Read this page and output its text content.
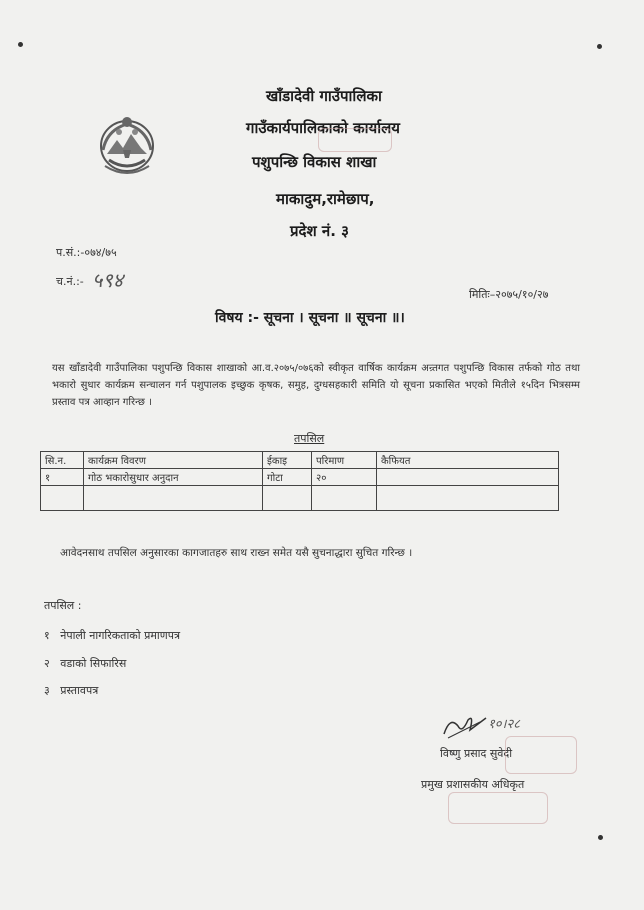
खाँडादेवी गाउँपालिका
गाउँकार्यपालिकाको कार्यालय
पशुपन्छि विकास शाखा
माकादुम,रामेछाप,
प्रदेश नं. ३
प.सं.:-०७४/७५
च.नं.:- ५९४
मितिः–२०७५/१०/२७
विषय :- सूचना । सूचना ॥ सूचना ॥।
यस खाँडादेवी गाउँपालिका पशुपन्छि विकास शाखाको आ.व.२०७५/०७६को स्वीकृत वार्षिक कार्यक्रम अन्र्तगत पशुपन्छि विकास तर्फको गोठ तथा भकारो सुधार कार्यक्रम सन्चालन गर्न पशुपालक इच्छुक कृषक, समुह, दुग्धसहकारी समिति यो सूचना प्रकासित भएको मितीले १५दिन भित्रसम्म प्रस्ताव पत्र आव्हान गरिन्छ ।
तपसिल
सि.न.	कार्यक्रम विवरण	ईकाइ	परिमाण	कैफियत
१	गोठ भकारोसुधार अनुदान	गोटा	२०	

आवेदनसाथ तपसिल अनुसारका कागजातहरु साथ राख्न समेत यसै सुचनाद्धारा सुचित गरिन्छ ।
तपसिल :
१ नेपाली नागरिकताको प्रमाणपत्र
२ वडाको सिफारिस
३ प्रस्तावपत्र
१०।२८
विष्णु प्रसाद सुवेदी
प्रमुख प्रशासकीय अधिकृत
